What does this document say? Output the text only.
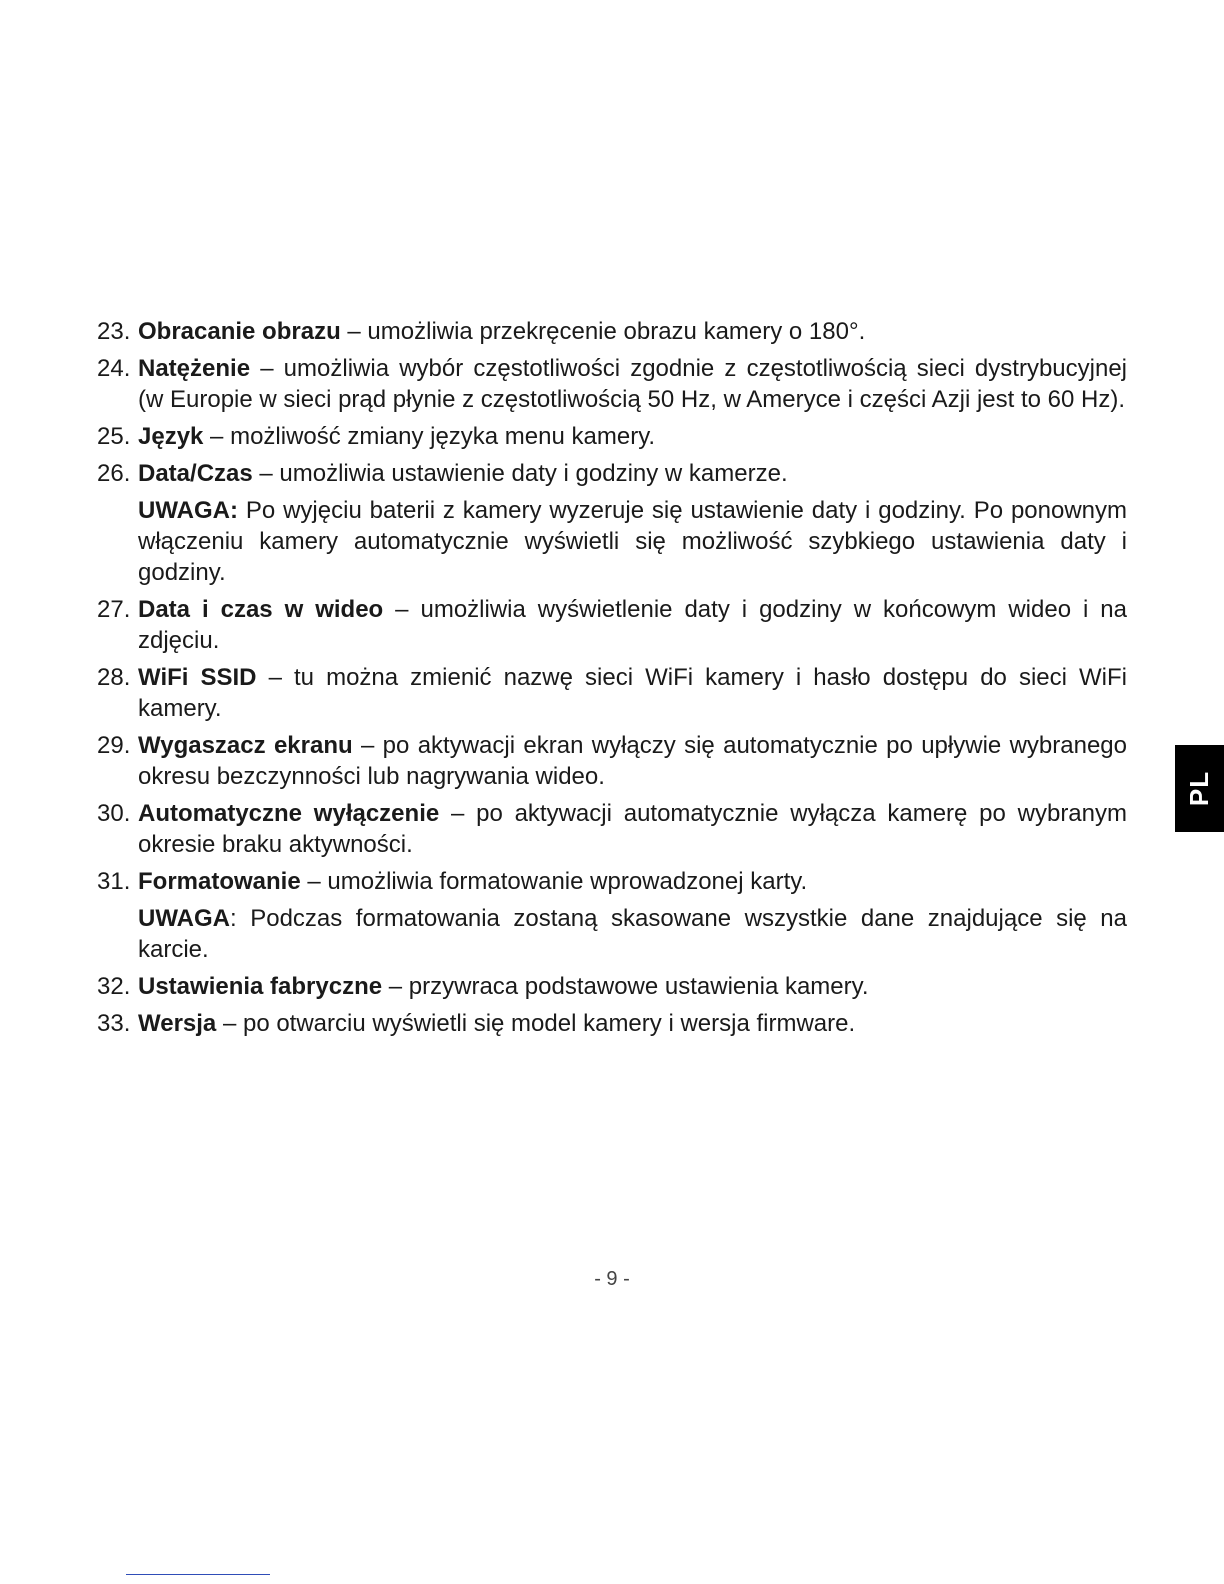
23. Obracanie obrazu – umożliwia przekręcenie obrazu kamery o 180°.
24. Natężenie – umożliwia wybór częstotliwości zgodnie z częstotliwością sieci dystrybucyjnej (w Europie w sieci prąd płynie z częstotliwością 50 Hz, w Ameryce i części Azji jest to 60 Hz).
25. Język – możliwość zmiany języka menu kamery.
26. Data/Czas – umożliwia ustawienie daty i godziny w kamerze.
UWAGA: Po wyjęciu baterii z kamery wyzeruje się ustawienie daty i godziny. Po ponownym włączeniu kamery automatycznie wyświetli się możliwość szybkiego ustawienia daty i godziny.
27. Data i czas w wideo – umożliwia wyświetlenie daty i godziny w końcowym wideo i na zdjęciu.
28. WiFi SSID – tu można zmienić nazwę sieci WiFi kamery i hasło dostępu do sieci WiFi kamery.
29. Wygaszacz ekranu – po aktywacji ekran wyłączy się automatycznie po upływie wybranego okresu bezczynności lub nagrywania wideo.
30. Automatyczne wyłączenie – po aktywacji automatycznie wyłącza kamerę po wybranym okresie braku aktywności.
31. Formatowanie – umożliwia formatowanie wprowadzonej karty.
UWAGA: Podczas formatowania zostaną skasowane wszystkie dane znajdujące się na karcie.
32. Ustawienia fabryczne – przywraca podstawowe ustawienia kamery.
33. Wersja – po otwarciu wyświetli się model kamery i wersja firmware.
PL
- 9 -
